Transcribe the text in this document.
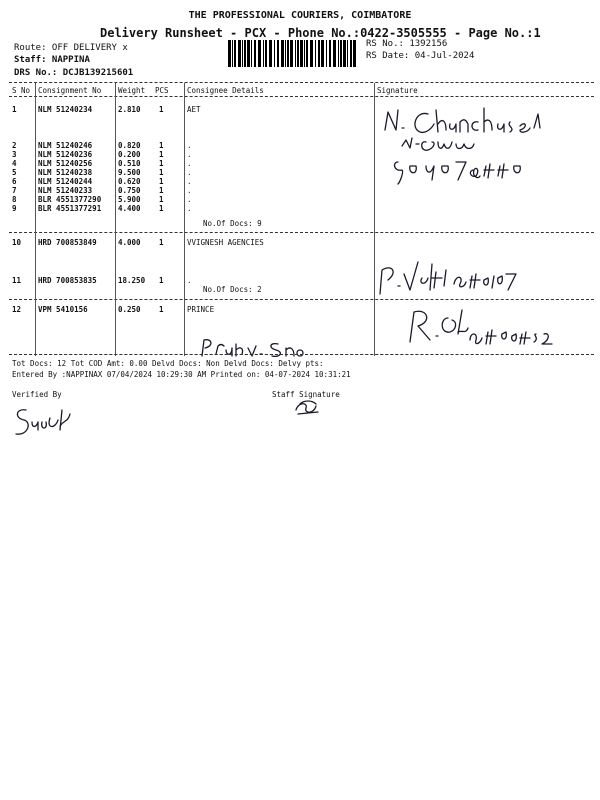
THE PROFESSIONAL COURIERS, COIMBATORE
Delivery Runsheet - PCX - Phone No.:0422-3505555 - Page No.:1
Route: OFF DELIVERY x
Staff: NAPPINA
DRS No.: DCJB139215601
RS No.: 1392156
RS Date: 04-Jul-2024
S No Consignment No Weight PCS Consignee Details	Signature
1	NLM 51240234	2.810 1	AET
2	NLM 51240246	0.820 1	.
3	NLM 51240236	0.200 1	.
4	NLM 51240256	0.510 1	.
5	NLM 51240238	9.500 1	.
6	NLM 51240244	0.620 1	.
7	NLM 51240233	0.750 1	.
8	BLR 4551377290 5.900 1	.
9	BLR 4551377291 4.400 1	.
10 HRD 700853849	4.000 1	VVIGNESH AGENCIES
11 HRD 700853835	18.250 1	.
12 VPM 5410156	0.250 1	PRINCE
No.Of Docs: 9
No.Of Docs: 2
Tot Docs: 12 Tot COD Amt: 0.00 Delvd Docs: Non Delvd Docs: Delvy pts:
Entered By :NAPPINAX 07/04/2024 10:29:30 AM Printed on: 04-07-2024 10:31:21
Verified By	Staff Signature
